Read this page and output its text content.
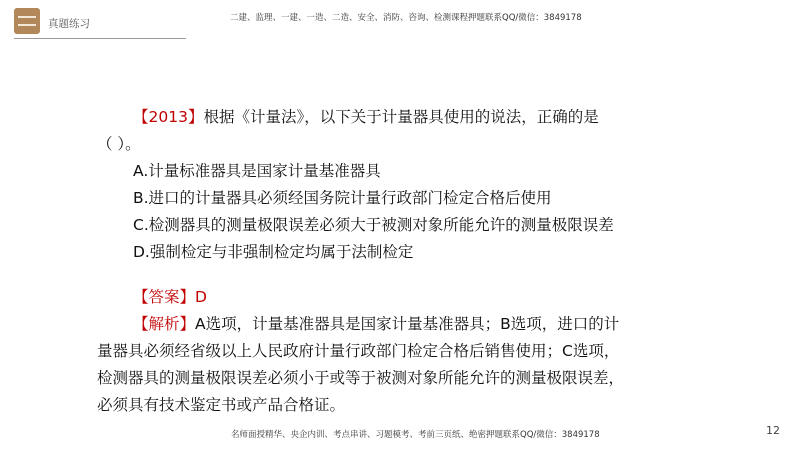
真题练习	二建、监理、一建、一造、二造、安全、消防、咨询、检测课程押题联系QQ/微信：3849178

【2013】根据《计量法》，以下关于计量器具使用的说法，正确的是

（ ）。

A.计量标准器具是国家计量基准器具

B.进口的计量器具必须经国务院计量行政部门检定合格后使用

C.检测器具的测量极限误差必须大于被测对象所能允许的测量极限误差

D.强制检定与非强制检定均属于法制检定

【答案】D

【解析】A选项，计量基准器具是国家计量基准器具；B选项，进口的计

量器具必须经省级以上人民政府计量行政部门检定合格后销售使用；C选项，

检测器具的测量极限误差必须小于或等于被测对象所能允许的测量极限误差，

必须具有技术鉴定书或产品合格证。

名师面授精华、央企内训、考点串讲、习题模考、考前三页纸、绝密押题联系QQ/微信：3849178	12
